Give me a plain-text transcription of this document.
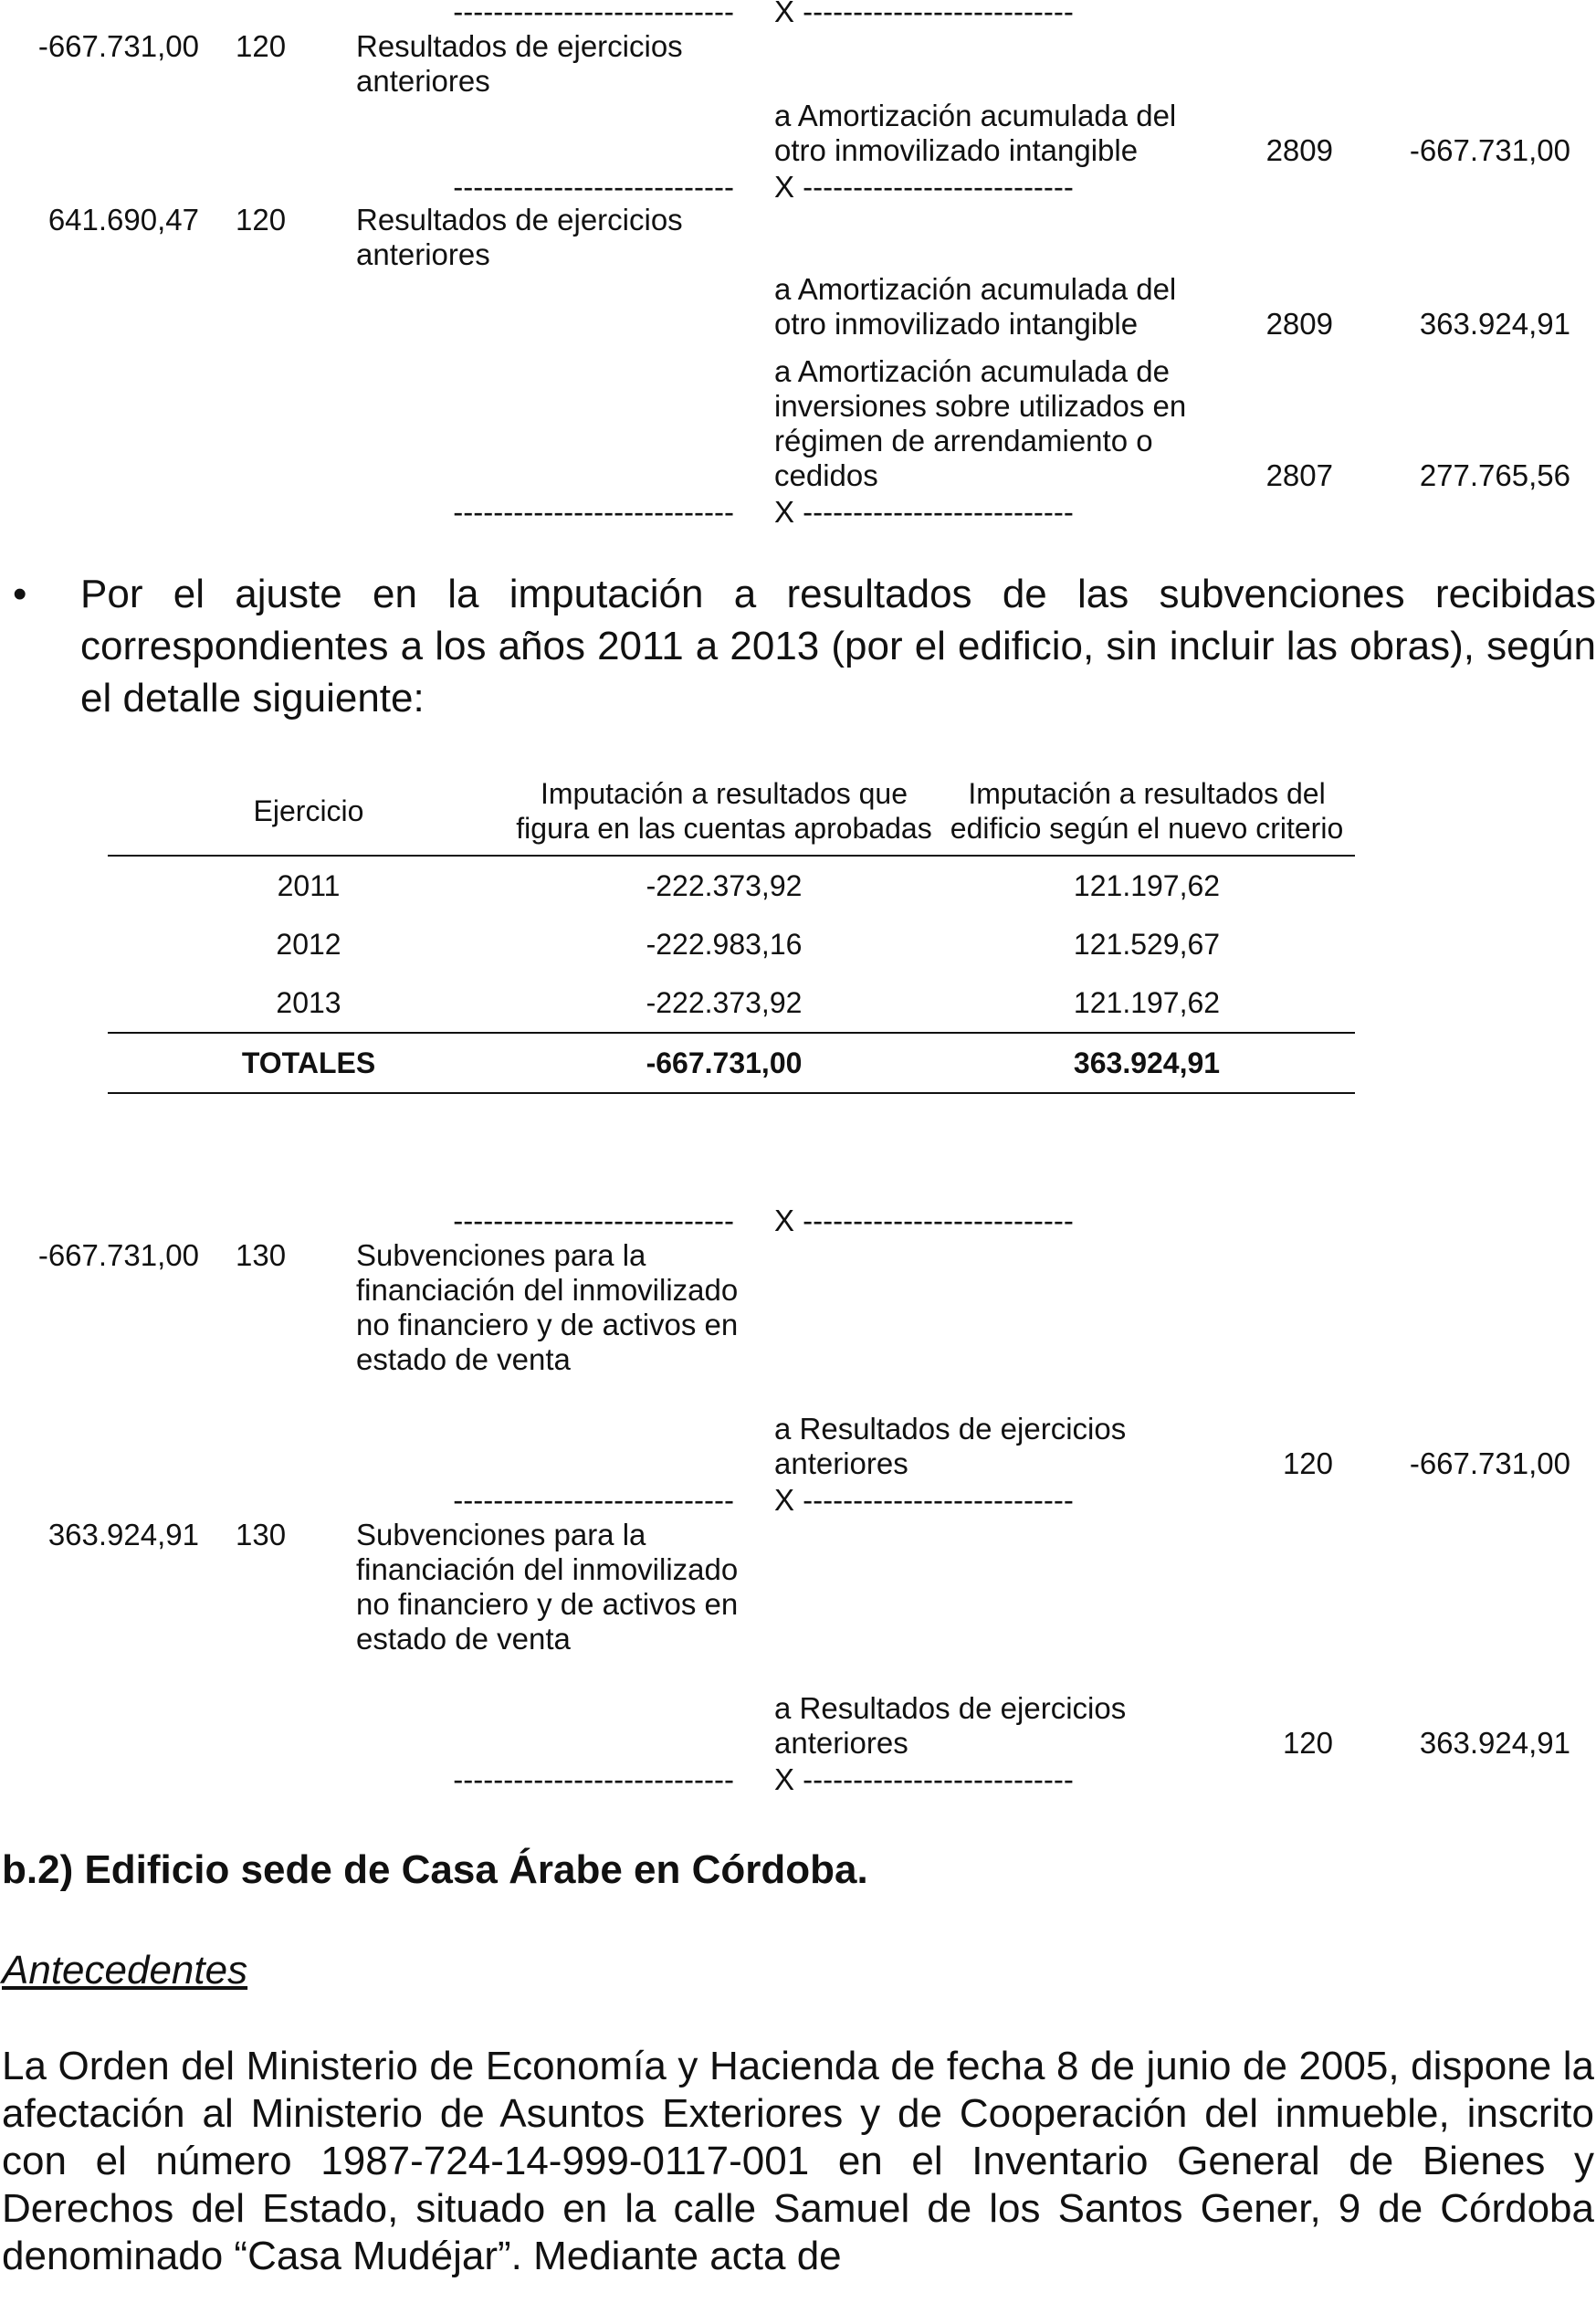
---------------------------- X ---------------------------
-667.731,00 120	Resultados de ejercicios anteriores
a Amortización acumulada del otro inmovilizado intangible	2809	-667.731,00
---------------------------- X ---------------------------
641.690,47 120	Resultados de ejercicios anteriores
a Amortización acumulada del otro inmovilizado intangible	2809	363.924,91
a Amortización acumulada de inversiones sobre utilizados en régimen de arrendamiento o cedidos	2807	277.765,56
---------------------------- X ---------------------------
• Por el ajuste en la imputación a resultados de las subvenciones recibidas correspondientes a los años 2011 a 2013 (por el edificio, sin incluir las obras), según el detalle siguiente:
Ejercicio	Imputación a resultados que figura en las cuentas aprobadas	Imputación a resultados del edificio según el nuevo criterio
2011	-222.373,92	121.197,62
2012	-222.983,16	121.529,67
2013	-222.373,92	121.197,62
TOTALES	-667.731,00	363.924,91
---------------------------- X ---------------------------
-667.731,00 130	Subvenciones para la financiación del inmovilizado no financiero y de activos en estado de venta
a Resultados de ejercicios anteriores	120	-667.731,00
---------------------------- X ---------------------------
363.924,91 130	Subvenciones para la financiación del inmovilizado no financiero y de activos en estado de venta
a Resultados de ejercicios anteriores	120	363.924,91
---------------------------- X ---------------------------
b.2) Edificio sede de Casa Árabe en Córdoba.
Antecedentes
La Orden del Ministerio de Economía y Hacienda de fecha 8 de junio de 2005, dispone la afectación al Ministerio de Asuntos Exteriores y de Cooperación del inmueble, inscrito con el número 1987-724-14-999-0117-001 en el Inventario General de Bienes y Derechos del Estado, situado en la calle Samuel de los Santos Gener, 9 de Córdoba denominado “Casa Mudéjar”. Mediante acta de
